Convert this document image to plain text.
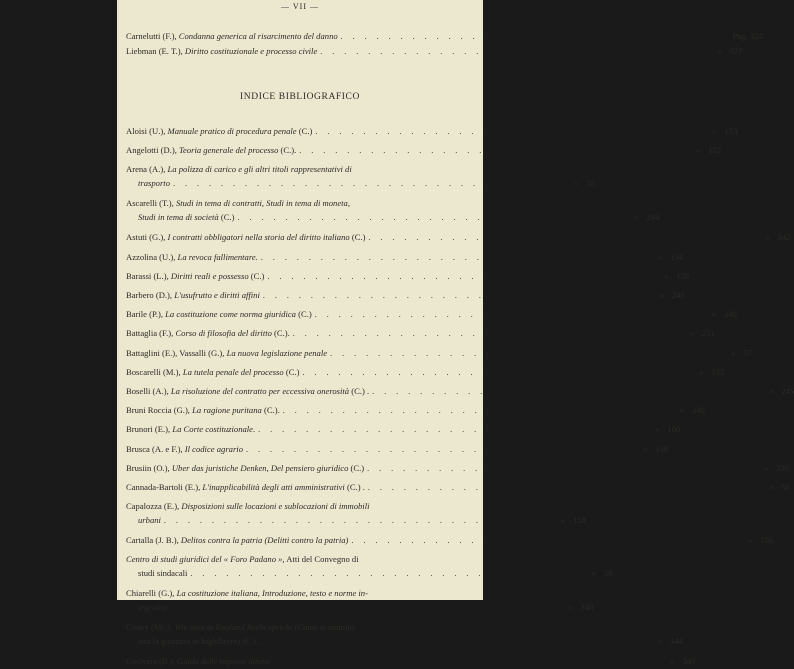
— VII —
Carnelutti (F.), Condanna generica al risarcimento del danno . . . . . . . . . . . . . . . . . . . . . . . . . . . . . . . .	Pag. 324
Liebman (E. T.), Diritto costituzionale e processo civile . . . . . . . . . . . . . . . . . . . . . . . . . . . . . . . .	» 327
INDICE BIBLIOGRAFICO
Aloisi (U.), Manuale pratico di procedura penale (C.) . . . . . . . . . . . . . . . . . . . . . . . . . . . . . . . .	» 153
Angelotti (D.), Teoria generale del processo (C.). . . . . . . . . . . . . . . . . . . . . . . . . . . . . . . . .	» 152
Arena (A.), La polizza di carico e gli altri titoli rappresentativi di
trasporto . . . . . . . . . . . . . . . . . . . . . . . . . . . . . . . .	» 55
Ascarelli (T.), Studi in tema di contratti, Studi in tema di moneta,
Studi in tema di società (C.) . . . . . . . . . . . . . . . . . . . . . . . . . . . . . . . .	» 244
Astuti (G.), I contratti obbligatori nella storia del diritto italiano (C.) . . . . . . . . . . . . . . . . . . . . . . . . . . . . . . . .	» 342
Azzolina (U.), La revoca fallimentare. . . . . . . . . . . . . . . . . . . . . . . . . . . . . . . . .	» 154
Barassi (L.), Diritti reali e possesso (C.) . . . . . . . . . . . . . . . . . . . . . . . . . . . . . . . .	» 156
Barbero (D.), L'usufrutto e diritti affini . . . . . . . . . . . . . . . . . . . . . . . . . . . . . . . .	» 245
Barile (P.), La costituzione come norma giuridica (C.) . . . . . . . . . . . . . . . . . . . . . . . . . . . . . . . .	» 340
Battaglia (F.), Corso di filosofia del diritto (C.). . . . . . . . . . . . . . . . . . . . . . . . . . . . . . . . .	» 251
Battaglini (E.), Vassalli (G.), La nuova legislazione penale . . . . . . . . . . . . . . . . . . . . . . . . . . . . . . . .	» 57
Boscarelli (M.), La tutela penale del processo (C.) . . . . . . . . . . . . . . . . . . . . . . . . . . . . . . . .	» 155
Boselli (A.), La risoluzione del contratto per eccessiva onerosità (C.) . . . . . . . . . . . . . . . . . . . . . . . . . . . . . . . . .	» 245
Bruni Roccia (G.), La ragione puritana (C.). . . . . . . . . . . . . . . . . . . . . . . . . . . . . . . . .	» 340
Brunori (E.), La Corte costituzionale. . . . . . . . . . . . . . . . . . . . . . . . . . . . . . . . .	» 160
Brusca (A. e F.), Il codice agrario . . . . . . . . . . . . . . . . . . . . . . . . . . . . . . . .	» 158
Brusiin (O.), Uber das juristiche Denken, Del pensiero giuridico (C.) . . . . . . . . . . . . . . . . . . . . . . . . . . . . . . . .	» 339
Cannada-Bartoli (E.), L'inapplicabilità degli atti amministrativi (C.) . . . . . . . . . . . . . . . . . . . . . . . . . . . . . . . . .	» 56
Capalozza (E.), Disposizioni sulle locazioni e sublocazioni di immobili
urbani . . . . . . . . . . . . . . . . . . . . . . . . . . . . . . . .	» 158
Cartalla (J. B.), Delitos contra la patria (Delitti contro la patria) . . . . . . . . . . . . . . . . . . . . . . . . . . . . . . . .	» 156
Centro di studi giuridici del « Foro Padano », Atti del Convegno di
studi sindacali . . . . . . . . . . . . . . . . . . . . . . . . . . . . . . . .	» 59
Chiarelli (G.), La costituzione italiana, Introduzione, testo e norme in-
tegrative . . . . . . . . . . . . . . . . . . . . . . . . . . . . . . . .	» 340
Cleary (Mc.), Wie man in England Recht spricht (Come si ammini-
stra la giustizia in Inghilterra) (C.). . . . . . . . . . . . . . . . . . . . . . . . . . . . . . . . .	» 344
Cocivera (B.), Guida delle imposte dirette . . . . . . . . . . . . . . . . . . . . . . . . . . . . . . . .	» 343
